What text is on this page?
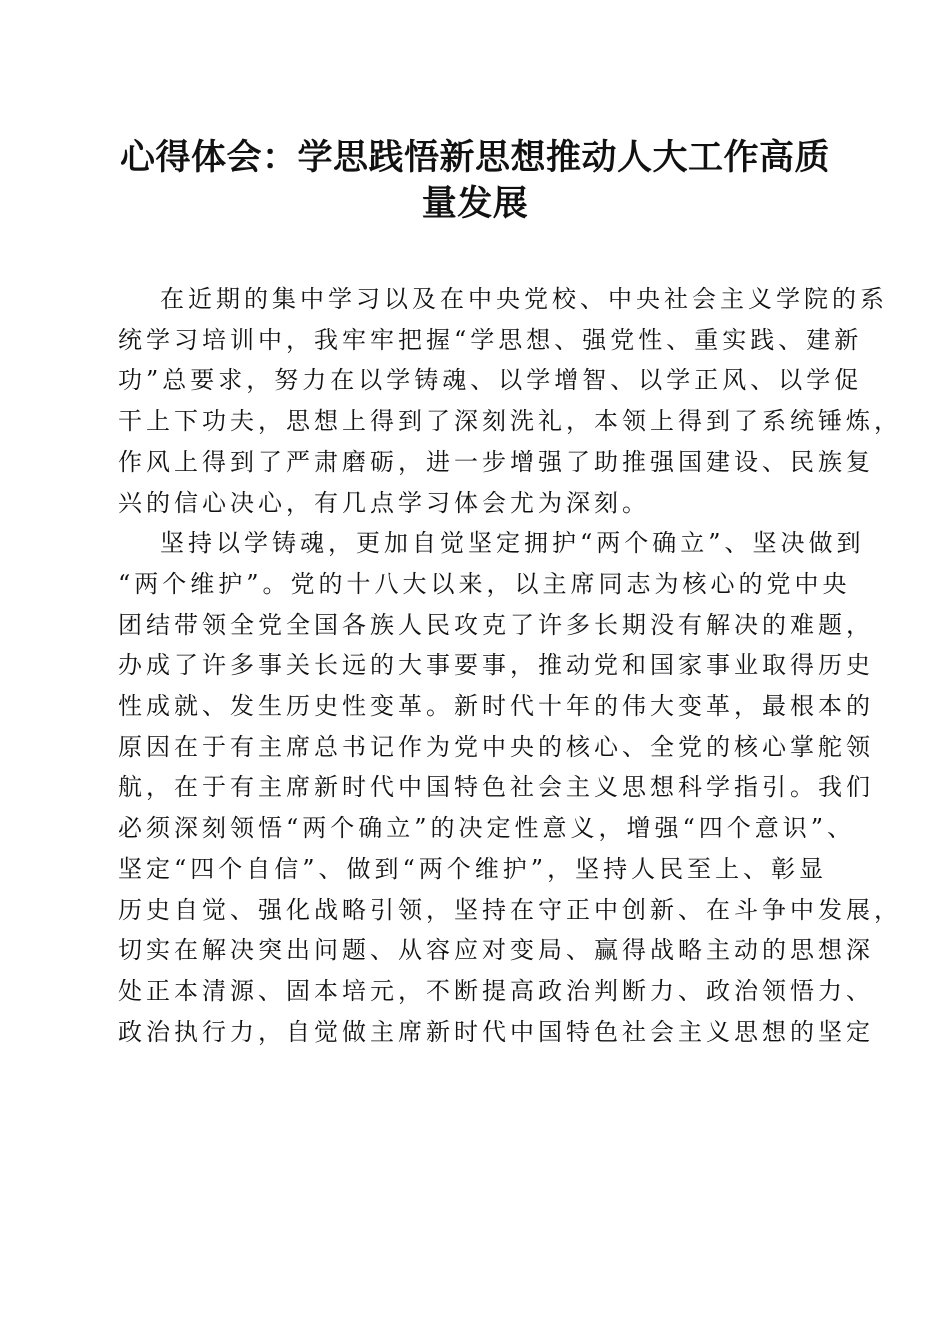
心得体会：学思践悟新思想推动人大工作高质
量发展

在近期的集中学习以及在中央党校、中央社会主义学院的系
统学习培训中，我牢牢把握“学思想、强党性、重实践、建新
功”总要求，努力在以学铸魂、以学增智、以学正风、以学促
干上下功夫，思想上得到了深刻洗礼，本领上得到了系统锤炼，
作风上得到了严肃磨砺，进一步增强了助推强国建设、民族复
兴的信心决心，有几点学习体会尤为深刻。

坚持以学铸魂，更加自觉坚定拥护“两个确立”、坚决做到
“两个维护”。党的十八大以来，以主席同志为核心的党中央
团结带领全党全国各族人民攻克了许多长期没有解决的难题，
办成了许多事关长远的大事要事，推动党和国家事业取得历史
性成就、发生历史性变革。新时代十年的伟大变革，最根本的
原因在于有主席总书记作为党中央的核心、全党的核心掌舵领
航，在于有主席新时代中国特色社会主义思想科学指引。我们
必须深刻领悟“两个确立”的决定性意义，增强“四个意识”、
坚定“四个自信”、做到“两个维护”，坚持人民至上、彰显
历史自觉、强化战略引领，坚持在守正中创新、在斗争中发展，
切实在解决突出问题、从容应对变局、赢得战略主动的思想深
处正本清源、固本培元，不断提高政治判断力、政治领悟力、
政治执行力，自觉做主席新时代中国特色社会主义思想的坚定
